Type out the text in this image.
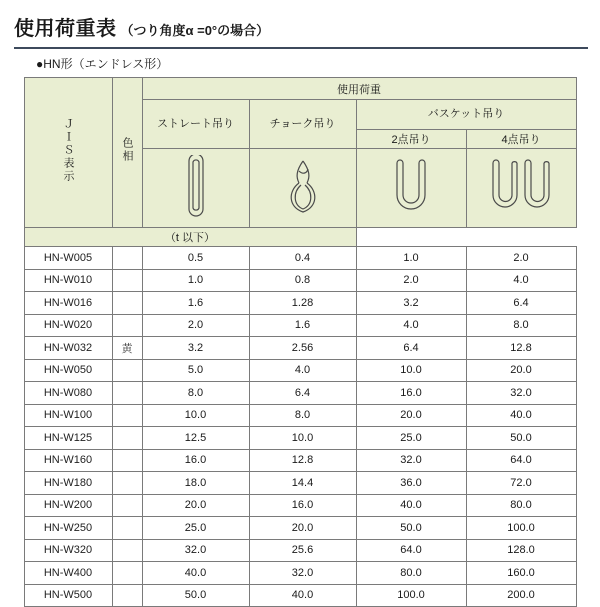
使用荷重表 （つり角度α =0°の場合）
●HN形（エンドレス形）
ＪＩＳ表示	色相	使用荷重			
		ストレート吊り	チョーク吊り	バスケット吊り	
				2点吊り	4点吊り

（t 以下）					
HN-W005	灰	0.5	0.4	1.0	2.0
HN-W010	紫	1.0	0.8	2.0	4.0
HN-W016	青	1.6	1.28	3.2	6.4
HN-W020	緑	2.0	1.6	4.0	8.0
HN-W032	黄	3.2	2.56	6.4	12.8
HN-W050	赤	5.0	4.0	10.0	20.0
HN-W080	紺	8.0	6.4	16.0	32.0
HN-W100	緑	10.0	8.0	20.0	40.0
HN-W125	緑	12.5	10.0	25.0	50.0
HN-W160	緑	16.0	12.8	32.0	64.0
HN-W180	緑	18.0	14.4	36.0	72.0
HN-W200	緑	20.0	16.0	40.0	80.0
HN-W250	緑	25.0	20.0	50.0	100.0
HN-W320	緑	32.0	25.6	64.0	128.0
HN-W400	緑	40.0	32.0	80.0	160.0
HN-W500	緑	50.0	40.0	100.0	200.0
